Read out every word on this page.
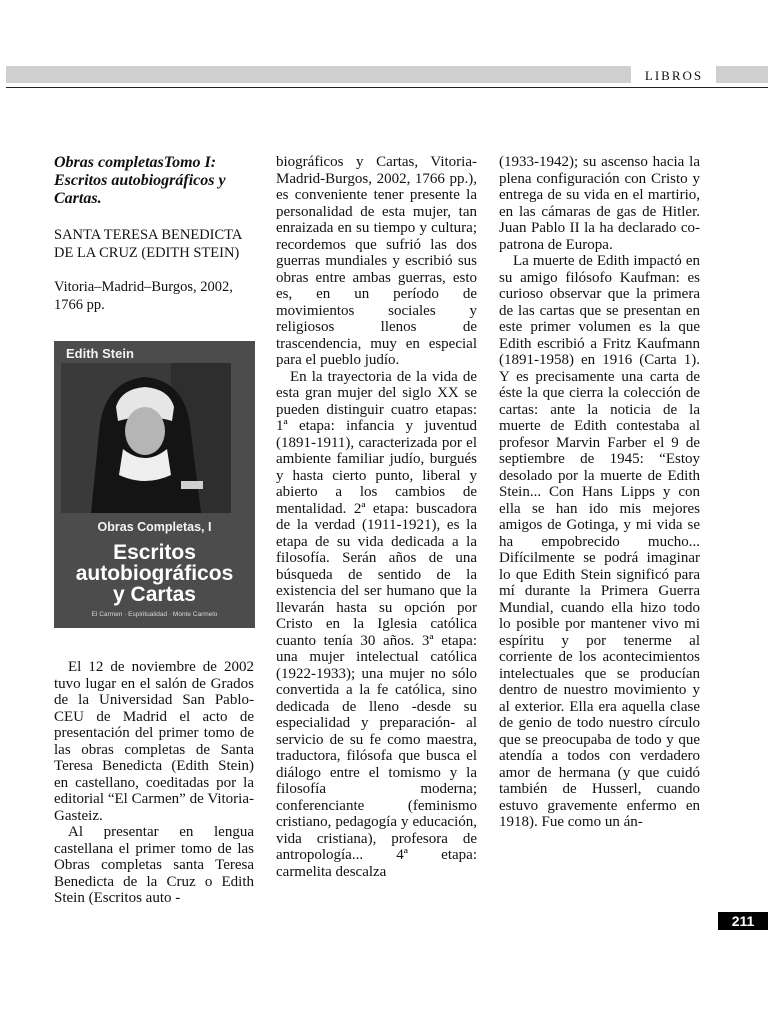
LIBROS

Obras completasTomo I: Escritos autobiográficos y Cartas.

SANTA TERESA BENEDICTA DE LA CRUZ (EDITH STEIN)

Vitoria–Madrid–Burgos, 2002, 1766 pp.

Edith Stein
Obras Completas, I
Escritos
autobiográficos
y Cartas
El Carmen · Espiritualidad · Monte Carmelo

El 12 de noviembre de 2002 tuvo lugar en el salón de Grados de la Universidad San Pablo-CEU de Madrid el acto de presentación del primer tomo de las obras completas de Santa Teresa Benedicta (Edith Stein) en castellano, coeditadas por la editorial “El Carmen” de Vitoria-Gasteiz.

Al presentar en lengua castellana el primer tomo de las Obras completas santa Teresa Benedicta de la Cruz o Edith Stein (Escritos auto -

biográficos y Cartas, Vitoria-Madrid-Burgos, 2002, 1766 pp.), es conveniente tener presente la personalidad de esta mujer, tan enraizada en su tiempo y cultura; recordemos que sufrió las dos guerras mundiales y escribió sus obras entre ambas guerras, esto es, en un período de movimientos sociales y religiosos llenos de trascendencia, muy en especial para el pueblo judío.

En la trayectoria de la vida de esta gran mujer del siglo XX se pueden distinguir cuatro etapas: 1ª etapa: infancia y juventud (1891-1911), caracterizada por el ambiente familiar judío, burgués y hasta cierto punto, liberal y abierto a los cambios de mentalidad. 2ª etapa: buscadora de la verdad (1911-1921), es la etapa de su vida dedicada a la filosofía. Serán años de una búsqueda de sentido de la existencia del ser humano que la llevarán hasta su opción por Cristo en la Iglesia católica cuanto tenía 30 años. 3ª etapa: una mujer intelectual católica (1922-1933); una mujer no sólo convertida a la fe católica, sino dedicada de lleno -desde su especialidad y preparación- al servicio de su fe como maestra, traductora, filósofa que busca el diálogo entre el tomismo y la filosofía moderna; conferenciante (feminismo cristiano, pedagogía y educación, vida cristiana), profesora de antropología... 4ª etapa: carmelita descalza

(1933-1942); su ascenso hacia la plena configuración con Cristo y entrega de su vida en el martirio, en las cámaras de gas de Hitler. Juan Pablo II la ha declarado co-patrona de Europa.

La muerte de Edith impactó en su amigo filósofo Kaufman: es curioso observar que la primera de las cartas que se presentan en este primer volumen es la que Edith escribió a Fritz Kaufmann (1891-1958) en 1916 (Carta 1). Y es precisamente una carta de éste la que cierra la colección de cartas: ante la noticia de la muerte de Edith contestaba al profesor Marvin Farber el 9 de septiembre de 1945: “Estoy desolado por la muerte de Edith Stein... Con Hans Lipps y con ella se han ido mis mejores amigos de Gotinga, y mi vida se ha empobrecido mucho... Difícilmente se podrá imaginar lo que Edith Stein significó para mí durante la Primera Guerra Mundial, cuando ella hizo todo lo posible por mantener vivo mi espíritu y por tenerme al corriente de los acontecimientos intelectuales que se producían dentro de nuestro movimiento y al exterior. Ella era aquella clase de genio de todo nuestro círculo que se preocupaba de todo y que atendía a todos con verdadero amor de hermana (y que cuidó también de Husserl, cuando estuvo gravemente enfermo en 1918). Fue como un án-

211
